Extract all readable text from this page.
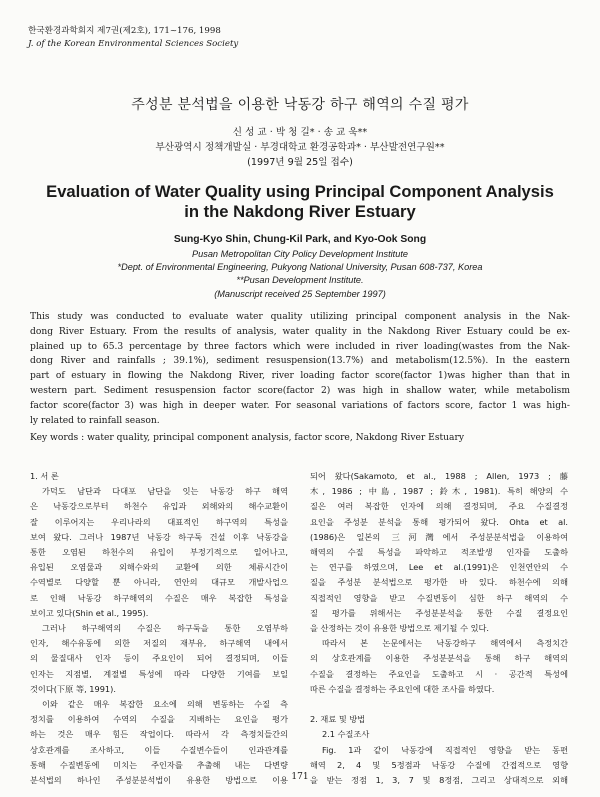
한국환경과학회지 제7권(제2호), 171~176, 1998
J. of the Korean Environmental Sciences Society
주성분 분석법을 이용한 낙동강 하구 해역의 수질 평가
신 성 교 · 박 청 길* · 송 교 욱**
부산광역시 정책개발실 · 부경대학교 환경공학과* · 부산발전연구원**
(1997년 9월 25일 접수)
Evaluation of Water Quality using Principal Component Analysis
in the Nakdong River Estuary
Sung-Kyo Shin, Chung-Kil Park, and Kyo-Ook Song
Pusan Metropolitan City Policy Development Institute
*Dept. of Environmental Engineering, Pukyong National University, Pusan 608-737, Korea
**Pusan Development Institute.
(Manuscript received 25 September 1997)
This study was conducted to evaluate water quality utilizing principal component analysis in the Nak-
dong River Estuary. From the results of analysis, water quality in the Nakdong River Estuary could be ex-
plained up to 65.3 percentage by three factors which were included in river loading(wastes from the Nak-
dong River and rainfalls ; 39.1%), sediment resuspension(13.7%) and metabolism(12.5%). In the eastern
part of estuary in flowing the Nakdong River, river loading factor score(factor 1)was higher than that in
western part. Sediment resuspension factor score(factor 2) was high in shallow water, while metabolism
factor score(factor 3) was high in deeper water. For seasonal variations of factors score, factor 1 was high-
ly related to rainfall season.
Key words : water quality, principal component analysis, factor score, Nakdong River Estuary
1. 서 론
가덕도 남단과 다대포 남단을 잇는 낙동강 하구 해역
은 낙동강으로부터 하천수 유입과 외해와의 해수교환이
잘 이루어지는 우리나라의 대표적인 하구역의 특성을
보여 왔다. 그러나 1987년 낙동강 하구둑 건설 이후 낙동강을
통한 오염된 하천수의 유입이 부정기적으로 일어나고,
유입된 오염물과 외해수와의 교환에 의한 체류시간이
수역별로 다양할 뿐 아니라, 연안의 대규모 개발사업으
로 인해 낙동강 하구해역의 수질은 매우 복잡한 특성을
보이고 있다(Shin et al., 1995).
그러나 하구해역의 수질은 하구둑을 통한 오염부하
인자, 해수유동에 의한 저질의 재부유, 하구해역 내에서
의 물질대사 인자 등이 주요인이 되어 결정되며, 이들
인자는 지점별, 계절별 특성에 따라 다양한 기여를 보일
것이다(下原 等, 1991).
이와 같은 매우 복잡한 요소에 의해 변동하는 수질 측
정치를 이용하여 수역의 수질을 지배하는 요인을 평가
하는 것은 매우 힘든 작업이다. 따라서 각 측정치들간의
상호관계를 조사하고, 이들 수질변수들이 인과관계를
통해 수질변동에 미치는 주인자를 추출해 내는 다변량
분석법의 하나인 주성분분석법이 유용한 방법으로 이용
되어 왔다(Sakamoto, et al., 1988 ; Allen, 1973 ; 藤
木, 1986 ; 中島, 1987 ; 鈴木, 1981). 특히 해양의 수
질은 여러 복잡한 인자에 의해 결정되며, 주요 수질결정
요인을 주성분 분석을 통해 평가되어 왔다. Ohta et al.
(1986)은 일본의 三河灣에서 주성분분석법을 이용하여
해역의 수질 특성을 파악하고 적조발생 인자를 도출하
는 연구를 하였으며, Lee et al.(1991)은 인천연안의 수
질을 주성분 분석법으로 평가한 바 있다. 하천수에 의해
직접적인 영향을 받고 수질변동이 심한 하구 해역의 수
질 평가를 위해서는 주성분분석을 통한 수질 결정요인
을 산정하는 것이 유용한 방법으로 제기될 수 있다.
따라서 본 논문에서는 낙동강하구 해역에서 측정치간
의 상호관계를 이용한 주성분분석을 통해 하구 해역의
수질을 결정하는 주요인을 도출하고 시 · 공간적 특성에
따른 수질을 결정하는 주요인에 대한 조사를 하였다.

2. 재료 및 방법
2.1 수질조사
Fig. 1과 같이 낙동강에 직접적인 영향을 받는 동편
해역 2, 4 및 5정점과 낙동강 수질에 간접적으로 영향
을 받는 정점 1, 3, 7 및 8정점, 그리고 상대적으로 외해
171
